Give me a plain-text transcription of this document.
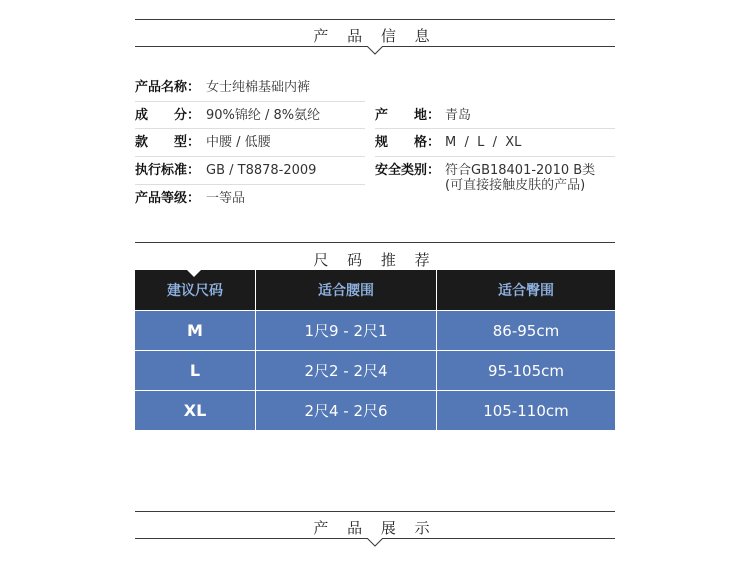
产 品 信 息
产品名称： 女士纯棉基础内裤
成　　分： 90%锦纶 / 8%氨纶	产　　地： 青岛
款　　型： 中腰 / 低腰	规　　格： M  /  L  /  XL
执行标准： GB / T8878-2009	安全类别： 符合GB18401-2010 B类
(可直接接触皮肤的产品)
产品等级： 一等品
尺 码 推 荐
建议尺码	适合腰围	适合臀围
M	1尺9 - 2尺1	86-95cm
L	2尺2 - 2尺4	95-105cm
XL	2尺4 - 2尺6	105-110cm
产 品 展 示
